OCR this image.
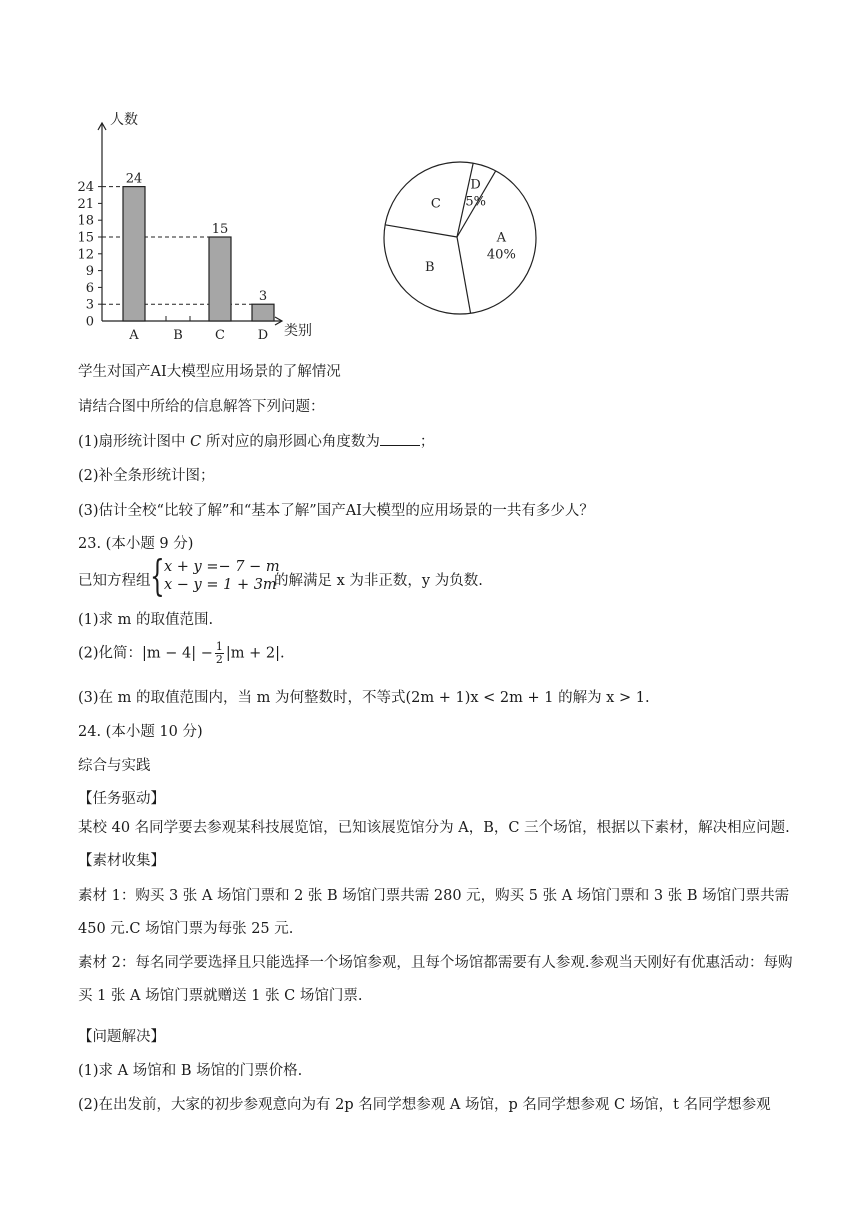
人数
类别
0
3
6
9
12
15
18
21
24
24
A	B
15
C
3
D
A
40%
B
C
D
5%
学生对国产AI大模型应用场景的了解情况
请结合图中所给的信息解答下列问题：
(1)扇形统计图中 C 所对应的扇形圆心角度数为	；
(2)补全条形统计图；
(3)估计全校“比较了解”和“基本了解”国产AI大模型的应用场景的一共有多少人？
23. (本小题 9 分)
已知方程组 { x + y =− 7 − m
x − y = 1 + 3m
的解满足 x 为非正数，y 为负数.
(1)求 m 的取值范围.
(2)化简：$|m - 4| - \frac{1}{2} |m + 2|$.
(3)在 m 的取值范围内，当 m 为何整数时，不等式(2m + 1)x < 2m + 1 的解为 x > 1.
24. (本小题 10 分)
综合与实践
【任务驱动】
某校 40 名同学要去参观某科技展览馆，已知该展览馆分为 A，B，C 三个场馆，根据以下素材，解决相应问题.【素材收集】
素材 1：购买 3 张 A 场馆门票和 2 张 B 场馆门票共需 280 元，购买 5 张 A 场馆门票和 3 张 B 场馆门票共需 450 元.C 场馆门票为每张 25 元.
素材 2：每名同学要选择且只能选择一个场馆参观，且每个场馆都需要有人参观.参观当天刚好有优惠活动：每购买 1 张 A 场馆门票就赠送 1 张 C 场馆门票.
【问题解决】
(1)求 A 场馆和 B 场馆的门票价格.
(2)在出发前，大家的初步参观意向为有 2p 名同学想参观 A 场馆，p 名同学想参观 C 场馆，t 名同学想参观
